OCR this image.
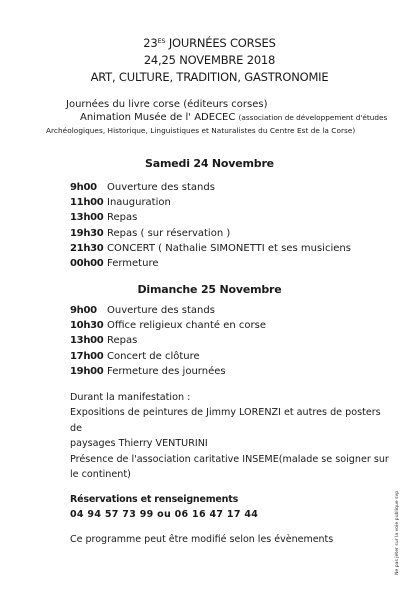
$23^{ES}$ JOURNÉES CORSES
24,25 NOVEMBRE 2018
ART, CULTURE, TRADITION, GASTRONOMIE
Journées du livre corse (éditeurs corses)
Animation Musée de l' ADECEC (association de développement d'études
Archéologiques, Historique, Linguistiques et Naturalistes du Centre Est de la Corse)
Samedi 24 Novembre
9h00	Ouverture des stands
11h00 Inauguration
13h00 Repas
19h30 Repas ( sur réservation )
21h30 CONCERT ( Nathalie SIMONETTI et ses musiciens
00h00 Fermeture
Dimanche 25 Novembre
9h00	Ouverture des stands
10h30 Office religieux chanté en corse
13h00 Repas
17h00 Concert de clôture
19h00 Fermeture des journées
Durant la manifestation :
Expositions de peintures de Jimmy LORENZI et autres de posters de
paysages Thierry VENTURINI
Présence de l'association caritative INSEME(malade se soigner sur
le continent)
Réservations et renseignements
04 94 57 73 99 ou 06 16 47 17 44
Ce programme peut être modifié selon les évènements	Ne pas jeter sur la voie publique svp
